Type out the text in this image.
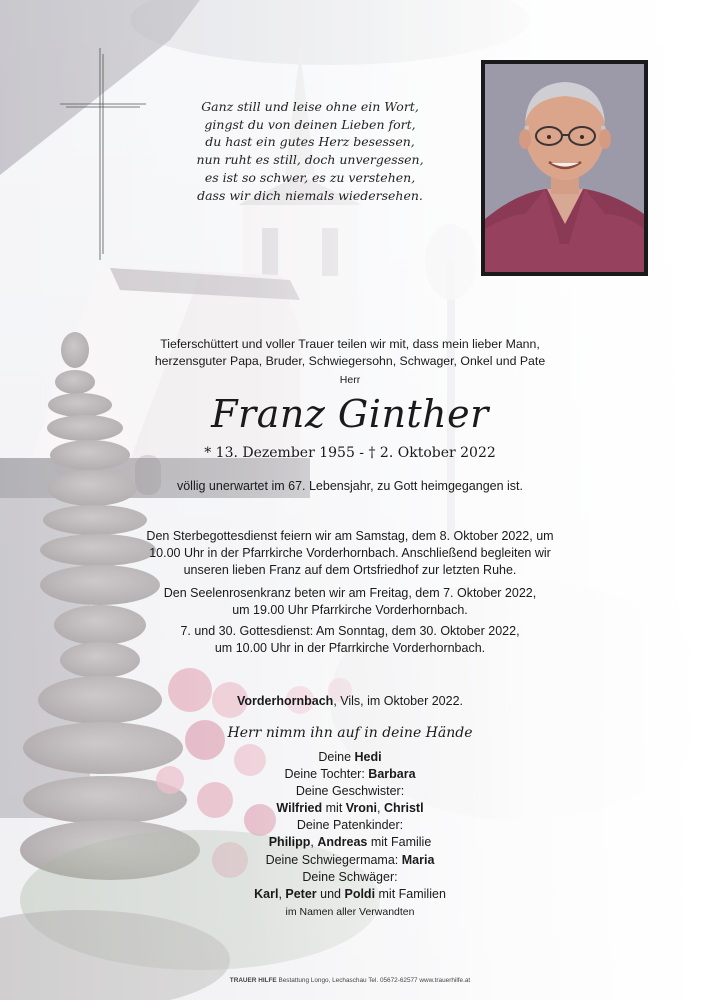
Ganz still und leise ohne ein Wort,
gingst du von deinen Lieben fort,
du hast ein gutes Herz besessen,
nun ruht es still, doch unvergessen,
es ist so schwer, es zu verstehen,
dass wir dich niemals wiedersehen.
Tieferschüttert und voller Trauer teilen wir mit, dass mein lieber Mann,
herzensguter Papa, Bruder, Schwiegersohn, Schwager, Onkel und Pate
Herr
Franz Ginther
* 13. Dezember 1955 - † 2. Oktober 2022
völlig unerwartet im 67. Lebensjahr, zu Gott heimgegangen ist.
Den Sterbegottesdienst feiern wir am Samstag, dem 8. Oktober 2022, um
10.00 Uhr in der Pfarrkirche Vorderhornbach. Anschließend begleiten wir
unseren lieben Franz auf dem Ortsfriedhof zur letzten Ruhe.
Den Seelenrosenkranz beten wir am Freitag, dem 7. Oktober 2022,
um 19.00 Uhr Pfarrkirche Vorderhornbach.
7. und 30. Gottesdienst: Am Sonntag, dem 30. Oktober 2022,
um 10.00 Uhr in der Pfarrkirche Vorderhornbach.
Vorderhornbach, Vils, im Oktober 2022.
Herr nimm ihn auf in deine Hände
Deine Hedi
Deine Tochter: Barbara
Deine Geschwister:
Wilfried mit Vroni, Christl
Deine Patenkinder:
Philipp, Andreas mit Familie
Deine Schwiegermama: Maria
Deine Schwäger:
Karl, Peter und Poldi mit Familien
im Namen aller Verwandten
TRAUER HILFE Bestattung Longo, Lechaschau Tel. 05672-62577 www.trauerhilfe.at
